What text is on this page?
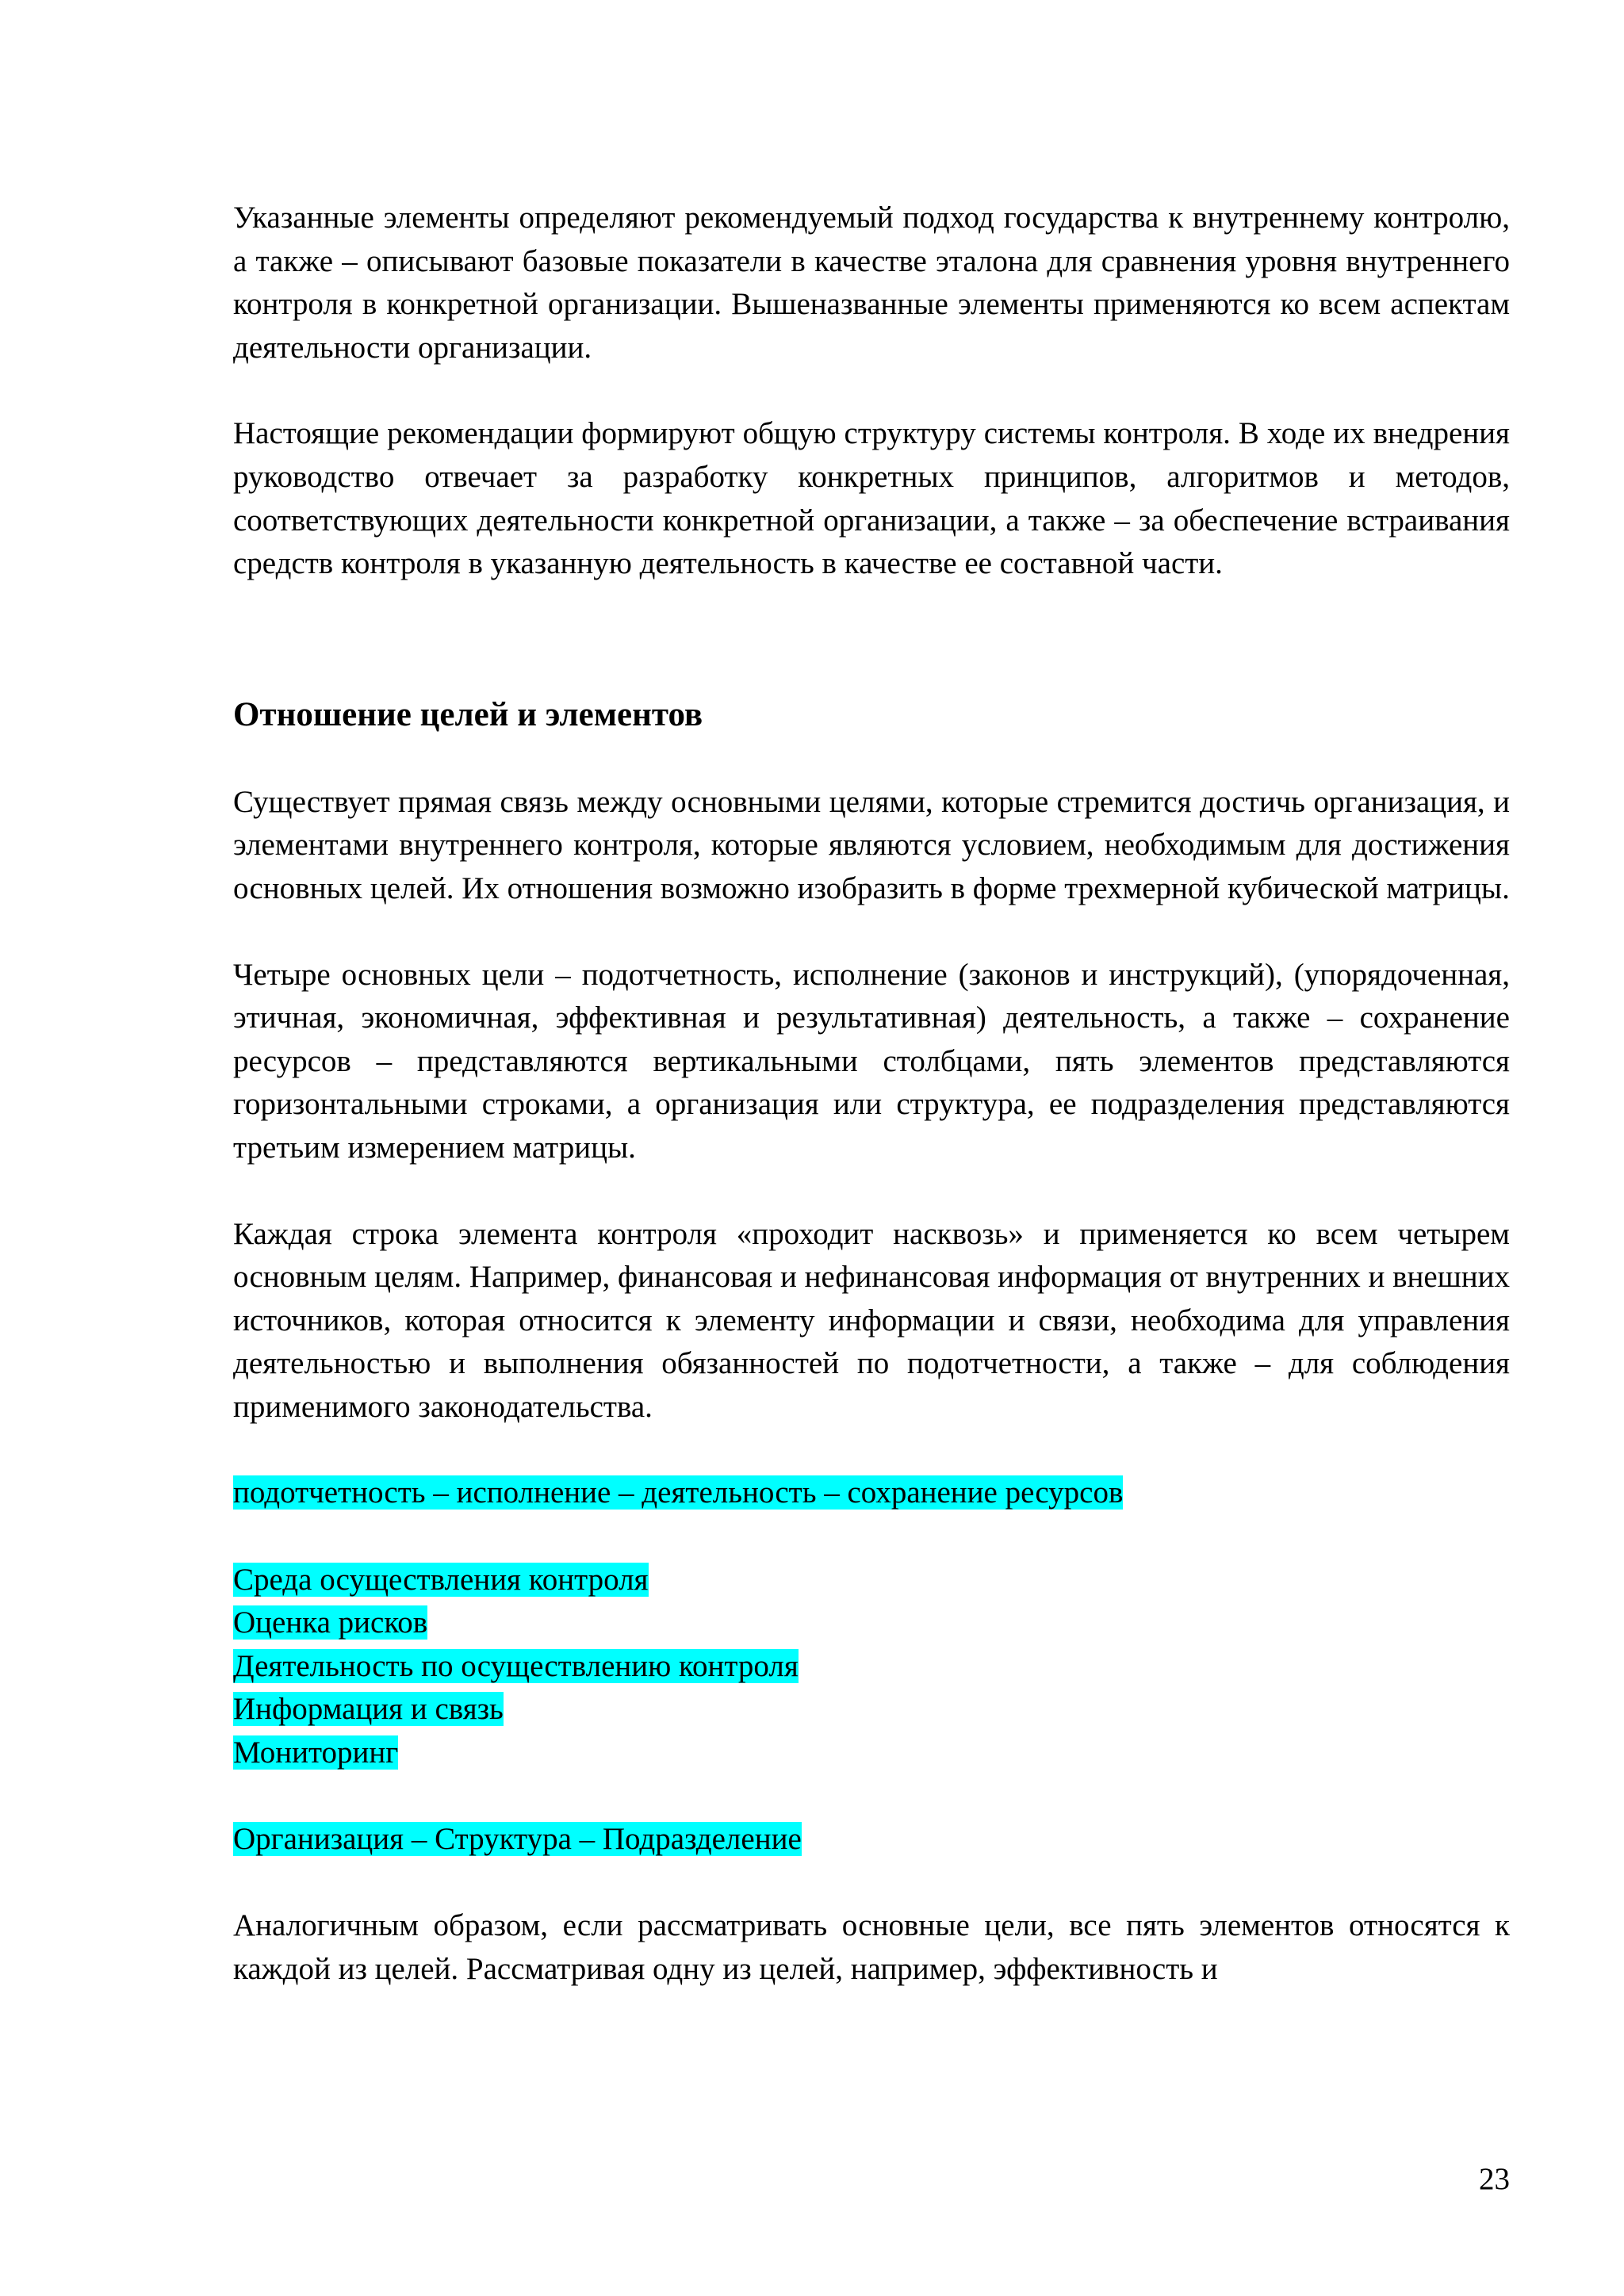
Указанные элементы определяют рекомендуемый подход государства к внутреннему контролю, а также – описывают базовые показатели в качестве эталона для сравнения уровня внутреннего контроля в конкретной организации. Вышеназванные элементы применяются ко всем аспектам деятельности организации.

Настоящие рекомендации формируют общую структуру системы контроля. В ходе их внедрения руководство отвечает за разработку конкретных принципов, алгоритмов и методов, соответствующих деятельности конкретной организации, а также – за обеспечение встраивания средств контроля в указанную деятельность в качестве ее составной части.

Отношение целей и элементов

Существует прямая связь между основными целями, которые стремится достичь организация, и элементами внутреннего контроля, которые являются условием, необходимым для достижения основных целей. Их отношения возможно изобразить в форме трехмерной кубической матрицы.

Четыре основных цели – подотчетность, исполнение (законов и инструкций), (упорядоченная, этичная, экономичная, эффективная и результативная) деятельность, а также – сохранение ресурсов – представляются вертикальными столбцами, пять элементов представляются горизонтальными строками, а организация или структура, ее подразделения представляются третьим измерением матрицы.

Каждая строка элемента контроля «проходит насквозь» и применяется ко всем четырем основным целям. Например, финансовая и нефинансовая информация от внутренних и внешних источников, которая относится к элементу информации и связи, необходима для управления деятельностью и выполнения обязанностей по подотчетности, а также – для соблюдения применимого законодательства.

подотчетность – исполнение – деятельность – сохранение ресурсов

Среда осуществления контроля

Оценка рисков

Деятельность по осуществлению контроля

Информация и связь

Мониторинг

Организация – Структура – Подразделение

Аналогичным образом, если рассматривать основные цели, все пять элементов относятся к каждой из целей. Рассматривая одну из целей, например, эффективность и

23
